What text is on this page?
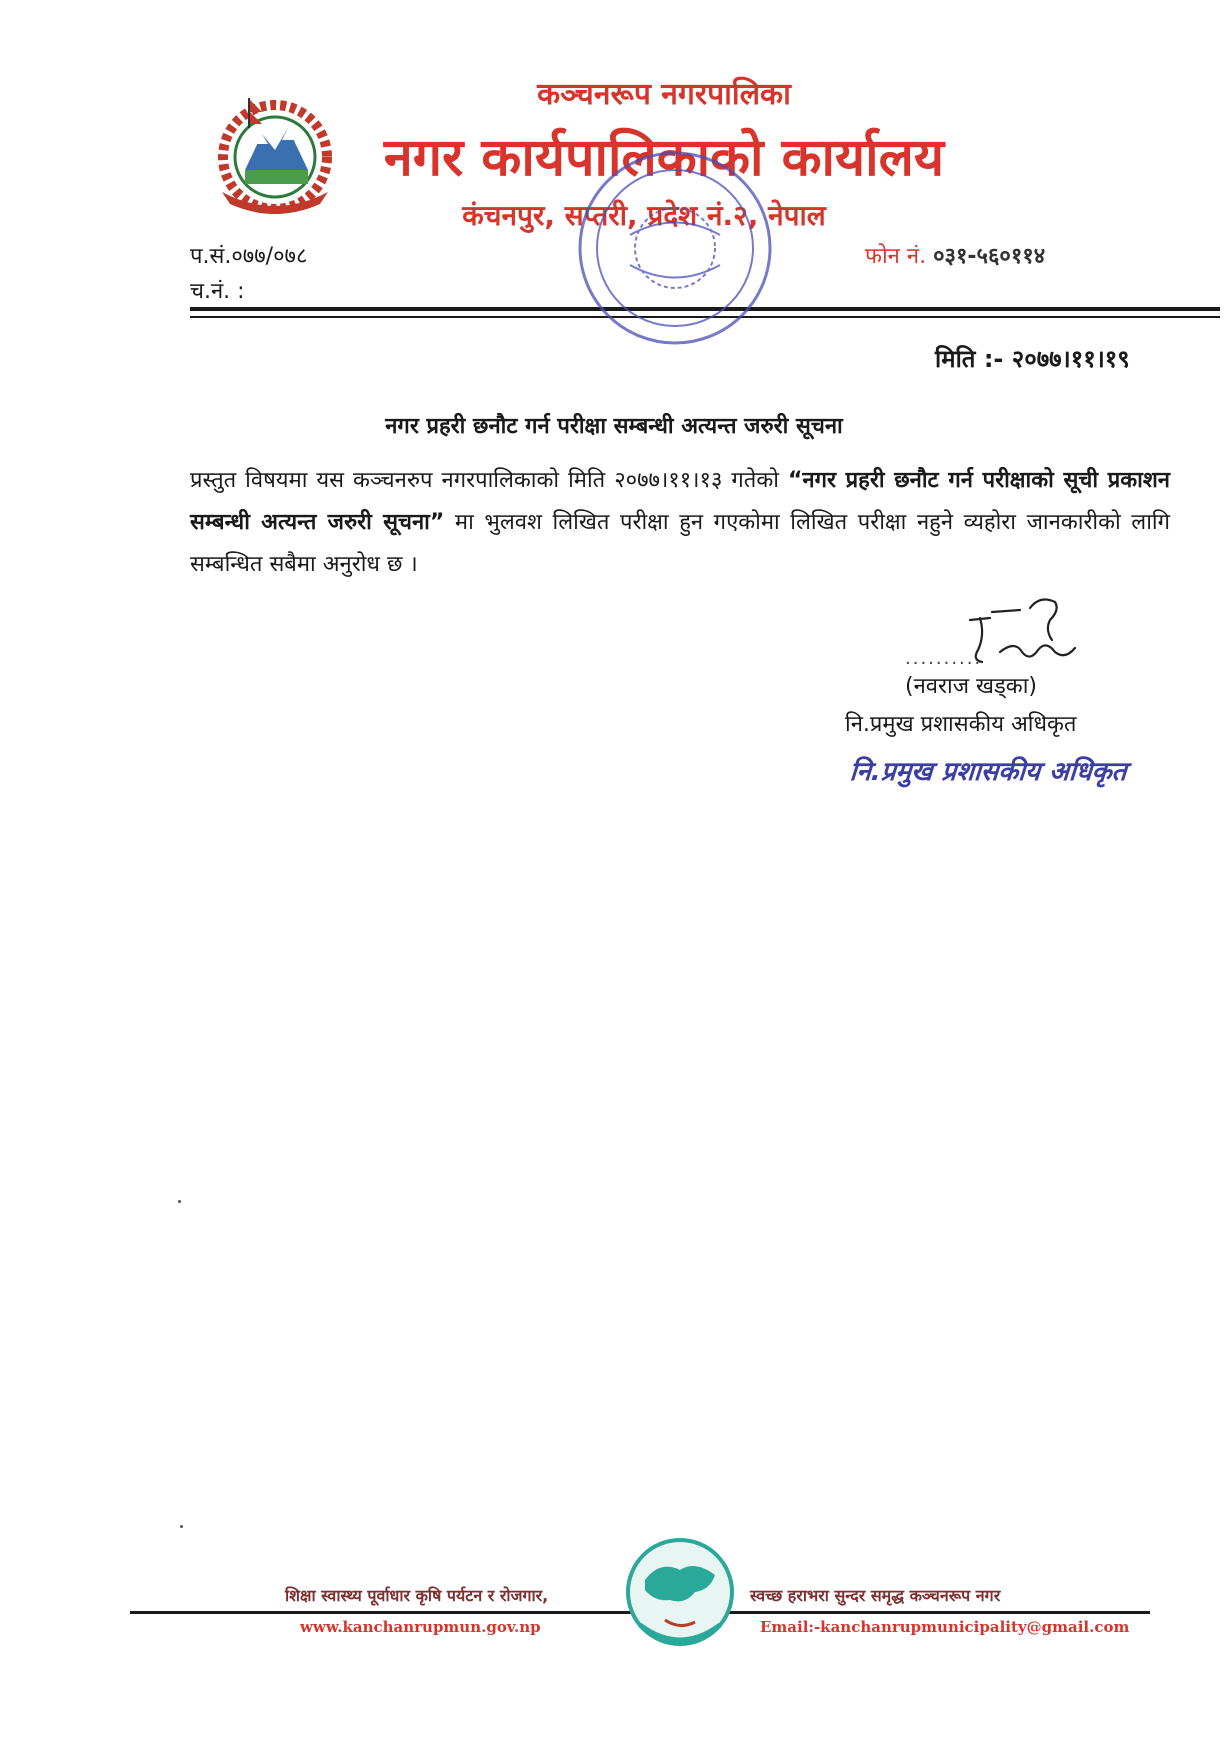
कञ्चनरूप नगरपालिका
नगर कार्यपालिकाको कार्यालय
कंचनपुर, सप्तरी, प्रदेश नं.२, नेपाल
प.सं.०७७/०७८
च.नं. :
फोन नं. ०३१-५६०११४
मिति :- २०७७।११।१९
नगर प्रहरी छनौट गर्न परीक्षा सम्बन्धी अत्यन्त जरुरी सूचना
प्रस्तुत विषयमा यस कञ्चनरुप नगरपालिकाको मिति २०७७।११।१३ गतेको “नगर प्रहरी छनौट गर्न परीक्षाको सूची प्रकाशन सम्बन्धी अत्यन्त जरुरी सूचना” मा भुलवश लिखित परीक्षा हुन गएकोमा लिखित परीक्षा नहुने व्यहोरा जानकारीको लागि सम्बन्धित सबैमा अनुरोध छ ।
..........
(नवराज खड्का)
नि.प्रमुख प्रशासकीय अधिकृत
नि.प्रमुख प्रशासकीय अधिकृत
शिक्षा स्वास्थ्य पूर्वाधार कृषि पर्यटन र रोजगार,	स्वच्छ हराभरा सुन्दर समृद्ध कञ्चनरूप नगर
www.kanchanrupmun.gov.np	Email:-kanchanrupmunicipality@gmail.com
